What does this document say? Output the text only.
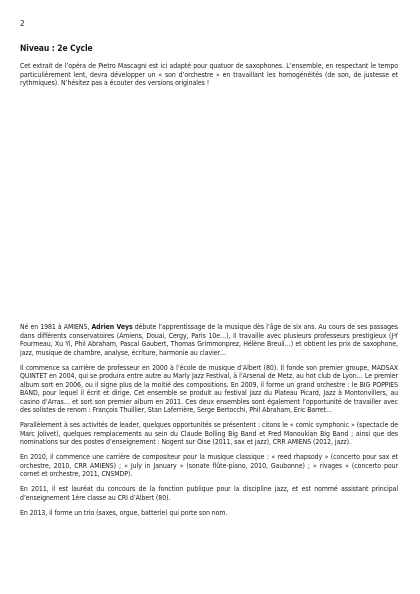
2
Niveau : 2e Cycle

Cet extrait de l’opéra de Pietro Mascagni est ici adapté pour quatuor de saxophones. L’ensemble, en respectant le tempo particulièrement lent, devra développer un « son d’orchestre » en travaillant les homogénéités (de son, de justesse et rythmiques). N’hésitez pas a écouter des versions originales !

Né en 1981 à AMIENS, Adrien Veys débute l’apprentissage de la musique dès l’âge de six ans. Au cours de ses passages dans différents conservatoires (Amiens, Douai, Cergy, Paris 10e…), il travaille avec plusieurs professeurs prestigieux (J-Y Fourmeau, Xu Yi, Phil Abraham, Pascal Gaubert, Thomas Grimmonprez, Hélène Breuil…) et obtient les prix de saxophone, jazz, musique de chambre, analyse, écriture, harmonie au clavier…

Il commence sa carrière de professeur en 2000 à l’école de musique d’Albert (80). Il fonde son premier groupe, MADSAX QUINTET en 2004, qui se produira entre autre au Marly Jazz Festival, à l’Arsenal de Metz, au hot club de Lyon… Le premier album sort en 2006, ou il signe plus de la moitié des compositions. En 2009, il forme un grand orchestre : le BIG POPPIES BAND, pour lequel il écrit et dirige. Cet ensemble se produit au festival jazz du Plateau Picard, Jazz à Montonvillers, au casino d’Arras… et sort son premier album en 2011. Ces deux ensembles sont également l’opportunité de travailler avec des solistes de renom : François Thuillier, Stan Laferrière, Serge Bertocchi, Phil Abraham, Eric Barret…

Parallèlement à ses activités de leader, quelques opportunités se présentent : citons le « comic symphonic » (spectacle de Marc Jolivet), quelques remplacements au sein du Claude Bolling Big Band et Fred Manoukian Big Band ; ainsi que des nominations sur des postes d’enseignement : Nogent sur Oise (2011, sax et jazz), CRR AMIENS (2012, jazz).

En 2010, il commence une carrière de compositeur pour la musique classique : « reed rhapsody » (concerto pour sax et orchestre, 2010, CRR AMIENS) ; « July in January » (sonate flûte-piano, 2010, Gaubonne) ; « rivages » (concerto pour cornet et orchestre, 2011, CNSMDP).

En 2011, il est lauréat du concours de la fonction publique pour la discipline jazz, et est nommé assistant principal d’enseignement 1ère classe au CRI d’Albert (80).

En 2013, il forme un trio (saxes, orgue, batterie) qui porte son nom.
